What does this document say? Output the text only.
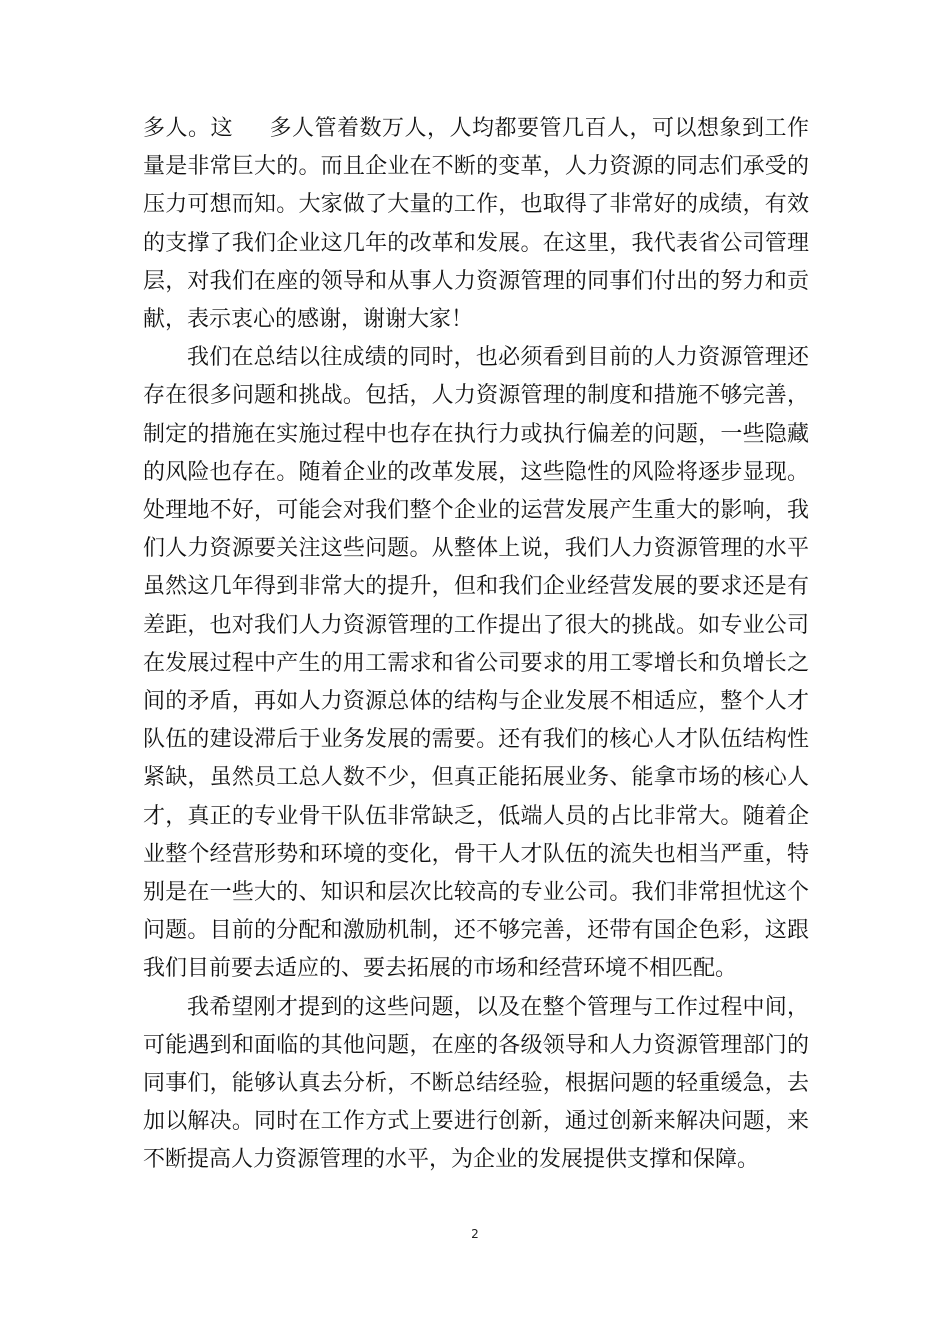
多人。这 多人管着数万人，人均都要管几百人，可以想象到工作量是非常巨大的。而且企业在不断的变革，人力资源的同志们承受的压力可想而知。大家做了大量的工作，也取得了非常好的成绩，有效的支撑了我们企业这几年的改革和发展。在这里，我代表省公司管理层，对我们在座的领导和从事人力资源管理的同事们付出的努力和贡献，表示衷心的感谢，谢谢大家！

我们在总结以往成绩的同时，也必须看到目前的人力资源管理还存在很多问题和挑战。包括，人力资源管理的制度和措施不够完善，制定的措施在实施过程中也存在执行力或执行偏差的问题，一些隐藏的风险也存在。随着企业的改革发展，这些隐性的风险将逐步显现。处理地不好，可能会对我们整个企业的运营发展产生重大的影响，我们人力资源要关注这些问题。从整体上说，我们人力资源管理的水平虽然这几年得到非常大的提升，但和我们企业经营发展的要求还是有差距，也对我们人力资源管理的工作提出了很大的挑战。如专业公司在发展过程中产生的用工需求和省公司要求的用工零增长和负增长之间的矛盾，再如人力资源总体的结构与企业发展不相适应，整个人才队伍的建设滞后于业务发展的需要。还有我们的核心人才队伍结构性紧缺，虽然员工总人数不少，但真正能拓展业务、能拿市场的核心人才，真正的专业骨干队伍非常缺乏，低端人员的占比非常大。随着企业整个经营形势和环境的变化，骨干人才队伍的流失也相当严重，特别是在一些大的、知识和层次比较高的专业公司。我们非常担忧这个问题。目前的分配和激励机制，还不够完善，还带有国企色彩，这跟我们目前要去适应的、要去拓展的市场和经营环境不相匹配。

我希望刚才提到的这些问题，以及在整个管理与工作过程中间，可能遇到和面临的其他问题，在座的各级领导和人力资源管理部门的同事们，能够认真去分析，不断总结经验，根据问题的轻重缓急，去加以解决。同时在工作方式上要进行创新，通过创新来解决问题，来不断提高人力资源管理的水平，为企业的发展提供支撑和保障。

2
